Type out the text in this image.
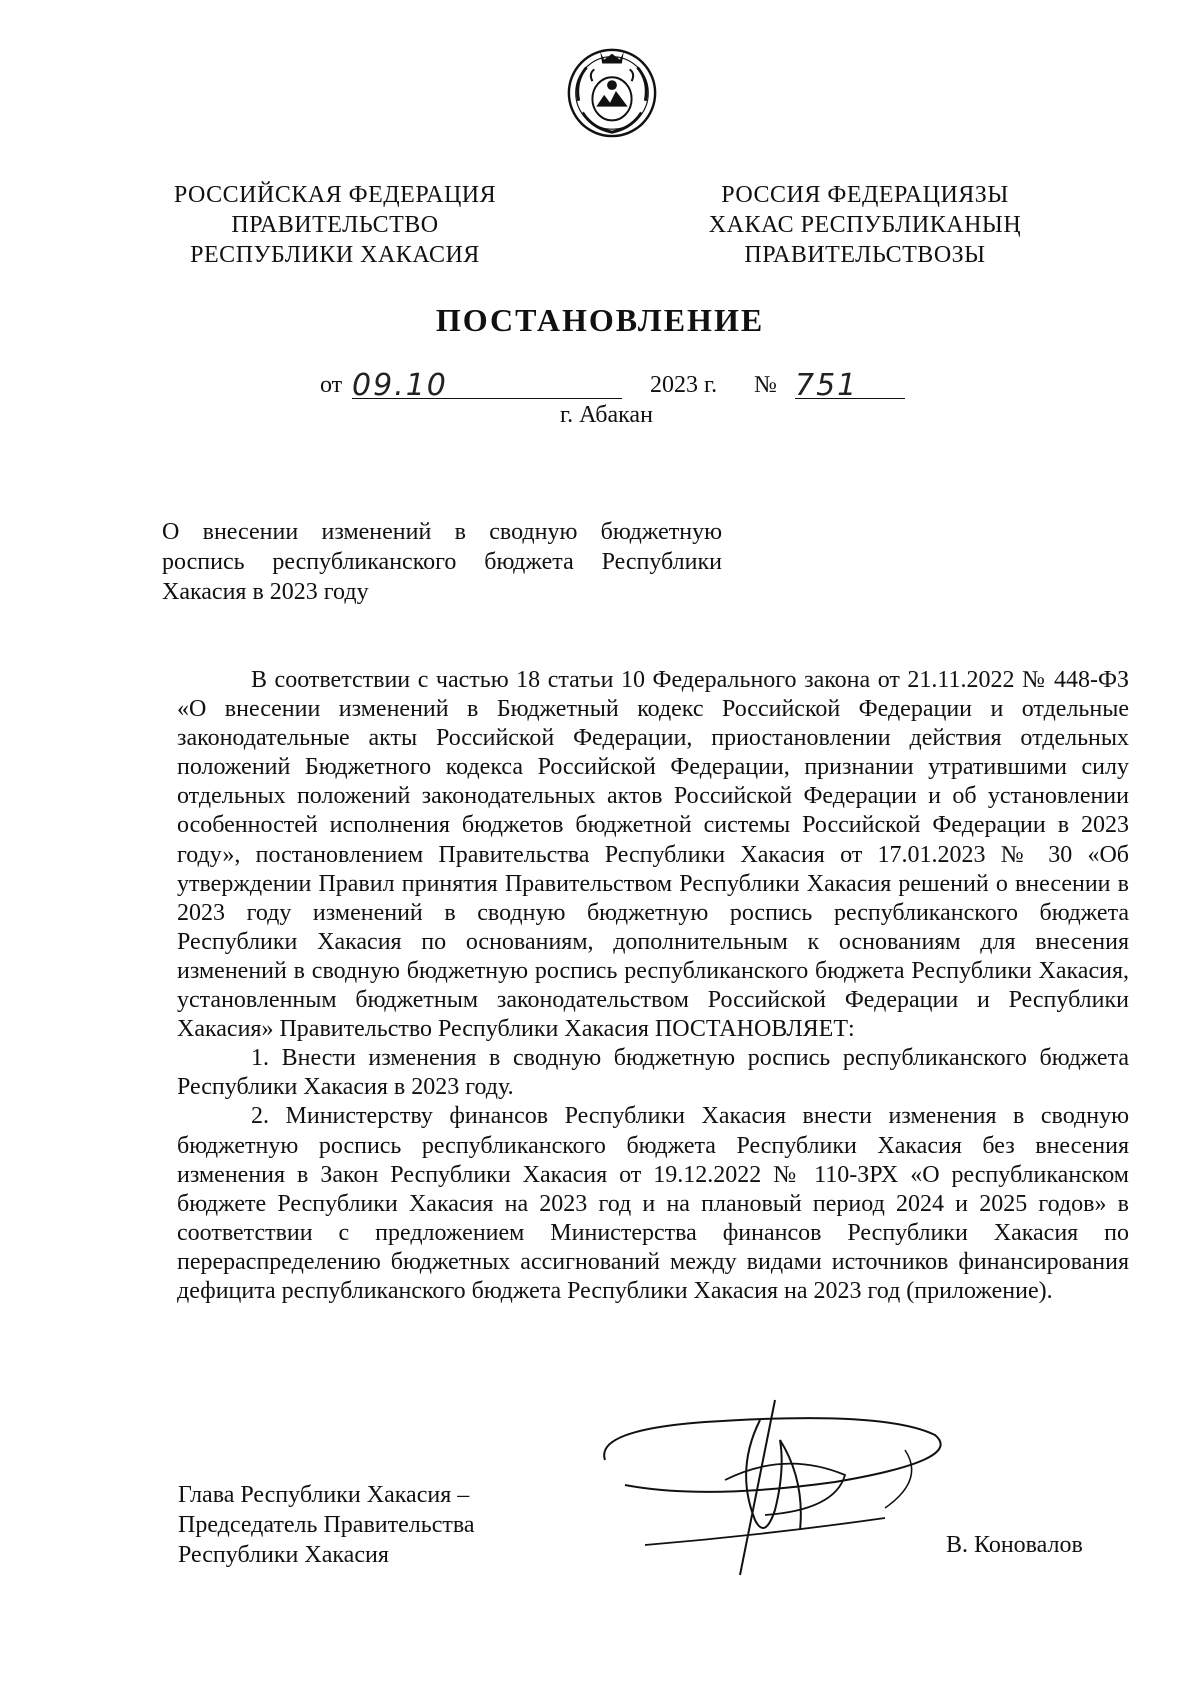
РОССИЙСКАЯ ФЕДЕРАЦИЯ
ПРАВИТЕЛЬСТВО
РЕСПУБЛИКИ ХАКАСИЯ
РОССИЯ ФЕДЕРАЦИЯЗЫ
ХАКАС РЕСПУБЛИКАНЫҢ
ПРАВИТЕЛЬСТВОЗЫ
ПОСТАНОВЛЕНИЕ
от 09.10	2023 г. № 751
г. Абакан
О внесении изменений в сводную бюджетную роспись республиканского бюджета Республики Хакасия в 2023 году

В соответствии с частью 18 статьи 10 Федерального закона от 21.11.2022 № 448-ФЗ «О внесении изменений в Бюджетный кодекс Российской Федерации и отдельные законодательные акты Российской Федерации, приостановлении действия отдельных положений Бюджетного кодекса Российской Федерации, признании утратившими силу отдельных положений законодательных актов Российской Федерации и об установлении особенностей исполнения бюджетов бюджетной системы Российской Федерации в 2023 году», постановлением Правительства Республики Хакасия от 17.01.2023 № 30 «Об утверждении Правил принятия Правительством Республики Хакасия решений о внесении в 2023 году изменений в сводную бюджетную роспись республиканского бюджета Республики Хакасия по основаниям, дополнительным к основаниям для внесения изменений в сводную бюджетную роспись республиканского бюджета Республики Хакасия, установленным бюджетным законодательством Российской Федерации и Республики Хакасия» Правительство Республики Хакасия ПОСТАНОВЛЯЕТ:

1. Внести изменения в сводную бюджетную роспись республиканского бюджета Республики Хакасия в 2023 году.

2. Министерству финансов Республики Хакасия внести изменения в сводную бюджетную роспись республиканского бюджета Республики Хакасия без внесения изменения в Закон Республики Хакасия от 19.12.2022 № 110-ЗРХ «О республиканском бюджете Республики Хакасия на 2023 год и на плановый период 2024 и 2025 годов» в соответствии с предложением Министерства финансов Республики Хакасия по перераспределению бюджетных ассигнований между видами источников финансирования дефицита республиканского бюджета Республики Хакасия на 2023 год (приложение).

Глава Республики Хакасия –
Председатель Правительства
Республики Хакасия	В. Коновалов
